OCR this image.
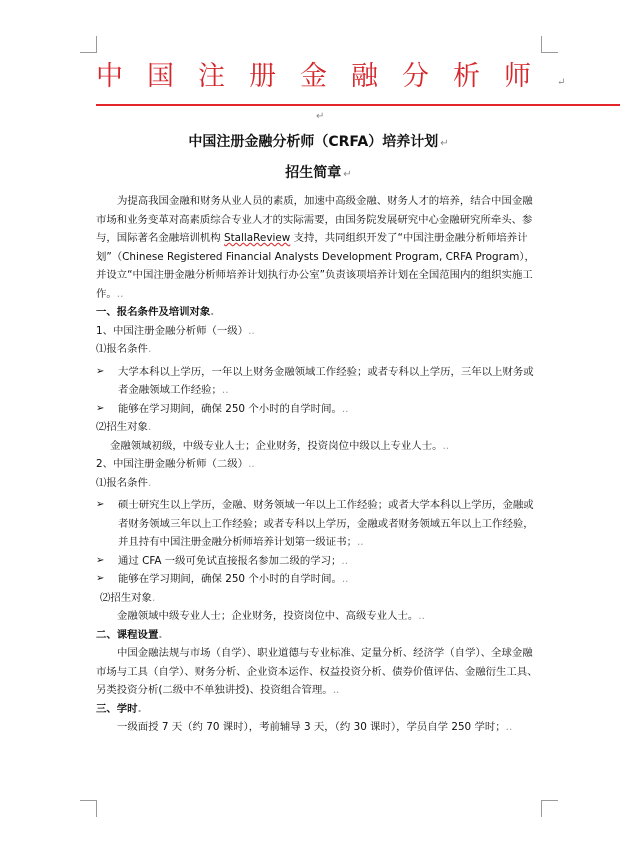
中国注册金融分析师 ↵
↵
中国注册金融分析师（CRFA）培养计划 ↵
招生简章 ↵

为提高我国金融和财务从业人员的素质，加速中高级金融、财务人才的培养，结合中国金融市场和业务变革对高素质综合专业人才的实际需要，由国务院发展研究中心金融研究所牵头、参与，国际著名金融培训机构 StallaReview 支持，共同组织开发了“中国注册金融分析师培养计划”（Chinese Registered Financial Analysts Development Program, CRFA Program），并设立“中国注册金融分析师培养计划执行办公室”负责该项培养计划在全国范围内的组织实施工作。..

一、报名条件及培训对象.

1、中国注册金融分析师（一级）..

⑴报名条件.

➢ 大学本科以上学历，一年以上财务金融领域工作经验；或者专科以上学历，三年以上财务或者金融领域工作经验；..

➢ 能够在学习期间，确保 250 个小时的自学时间。..

⑵招生对象.

金融领域初级，中级专业人士；企业财务，投资岗位中级以上专业人士。..

2、中国注册金融分析师（二级）..

⑴报名条件.

➢ 硕士研究生以上学历，金融、财务领域一年以上工作经验；或者大学本科以上学历，金融或者财务领域三年以上工作经验；或者专科以上学历，金融或者财务领域五年以上工作经验，并且持有中国注册金融分析师培养计划第一级证书；..

➢ 通过 CFA 一级可免试直接报名参加二级的学习；..

➢ 能够在学习期间，确保 250 个小时的自学时间。..

⑵招生对象.

金融领域中级专业人士；企业财务，投资岗位中、高级专业人士。..

二、课程设置.

中国金融法规与市场（自学）、职业道德与专业标准、定量分析、经济学（自学）、全球金融市场与工具（自学）、财务分析、企业资本运作、权益投资分析、债券价值评估、金融衍生工具、另类投资分析(二级中不单独讲授)、投资组合管理。..

三、学时.

一级面授 7 天（约 70 课时），考前辅导 3 天，（约 30 课时），学员自学 250 学时；..
